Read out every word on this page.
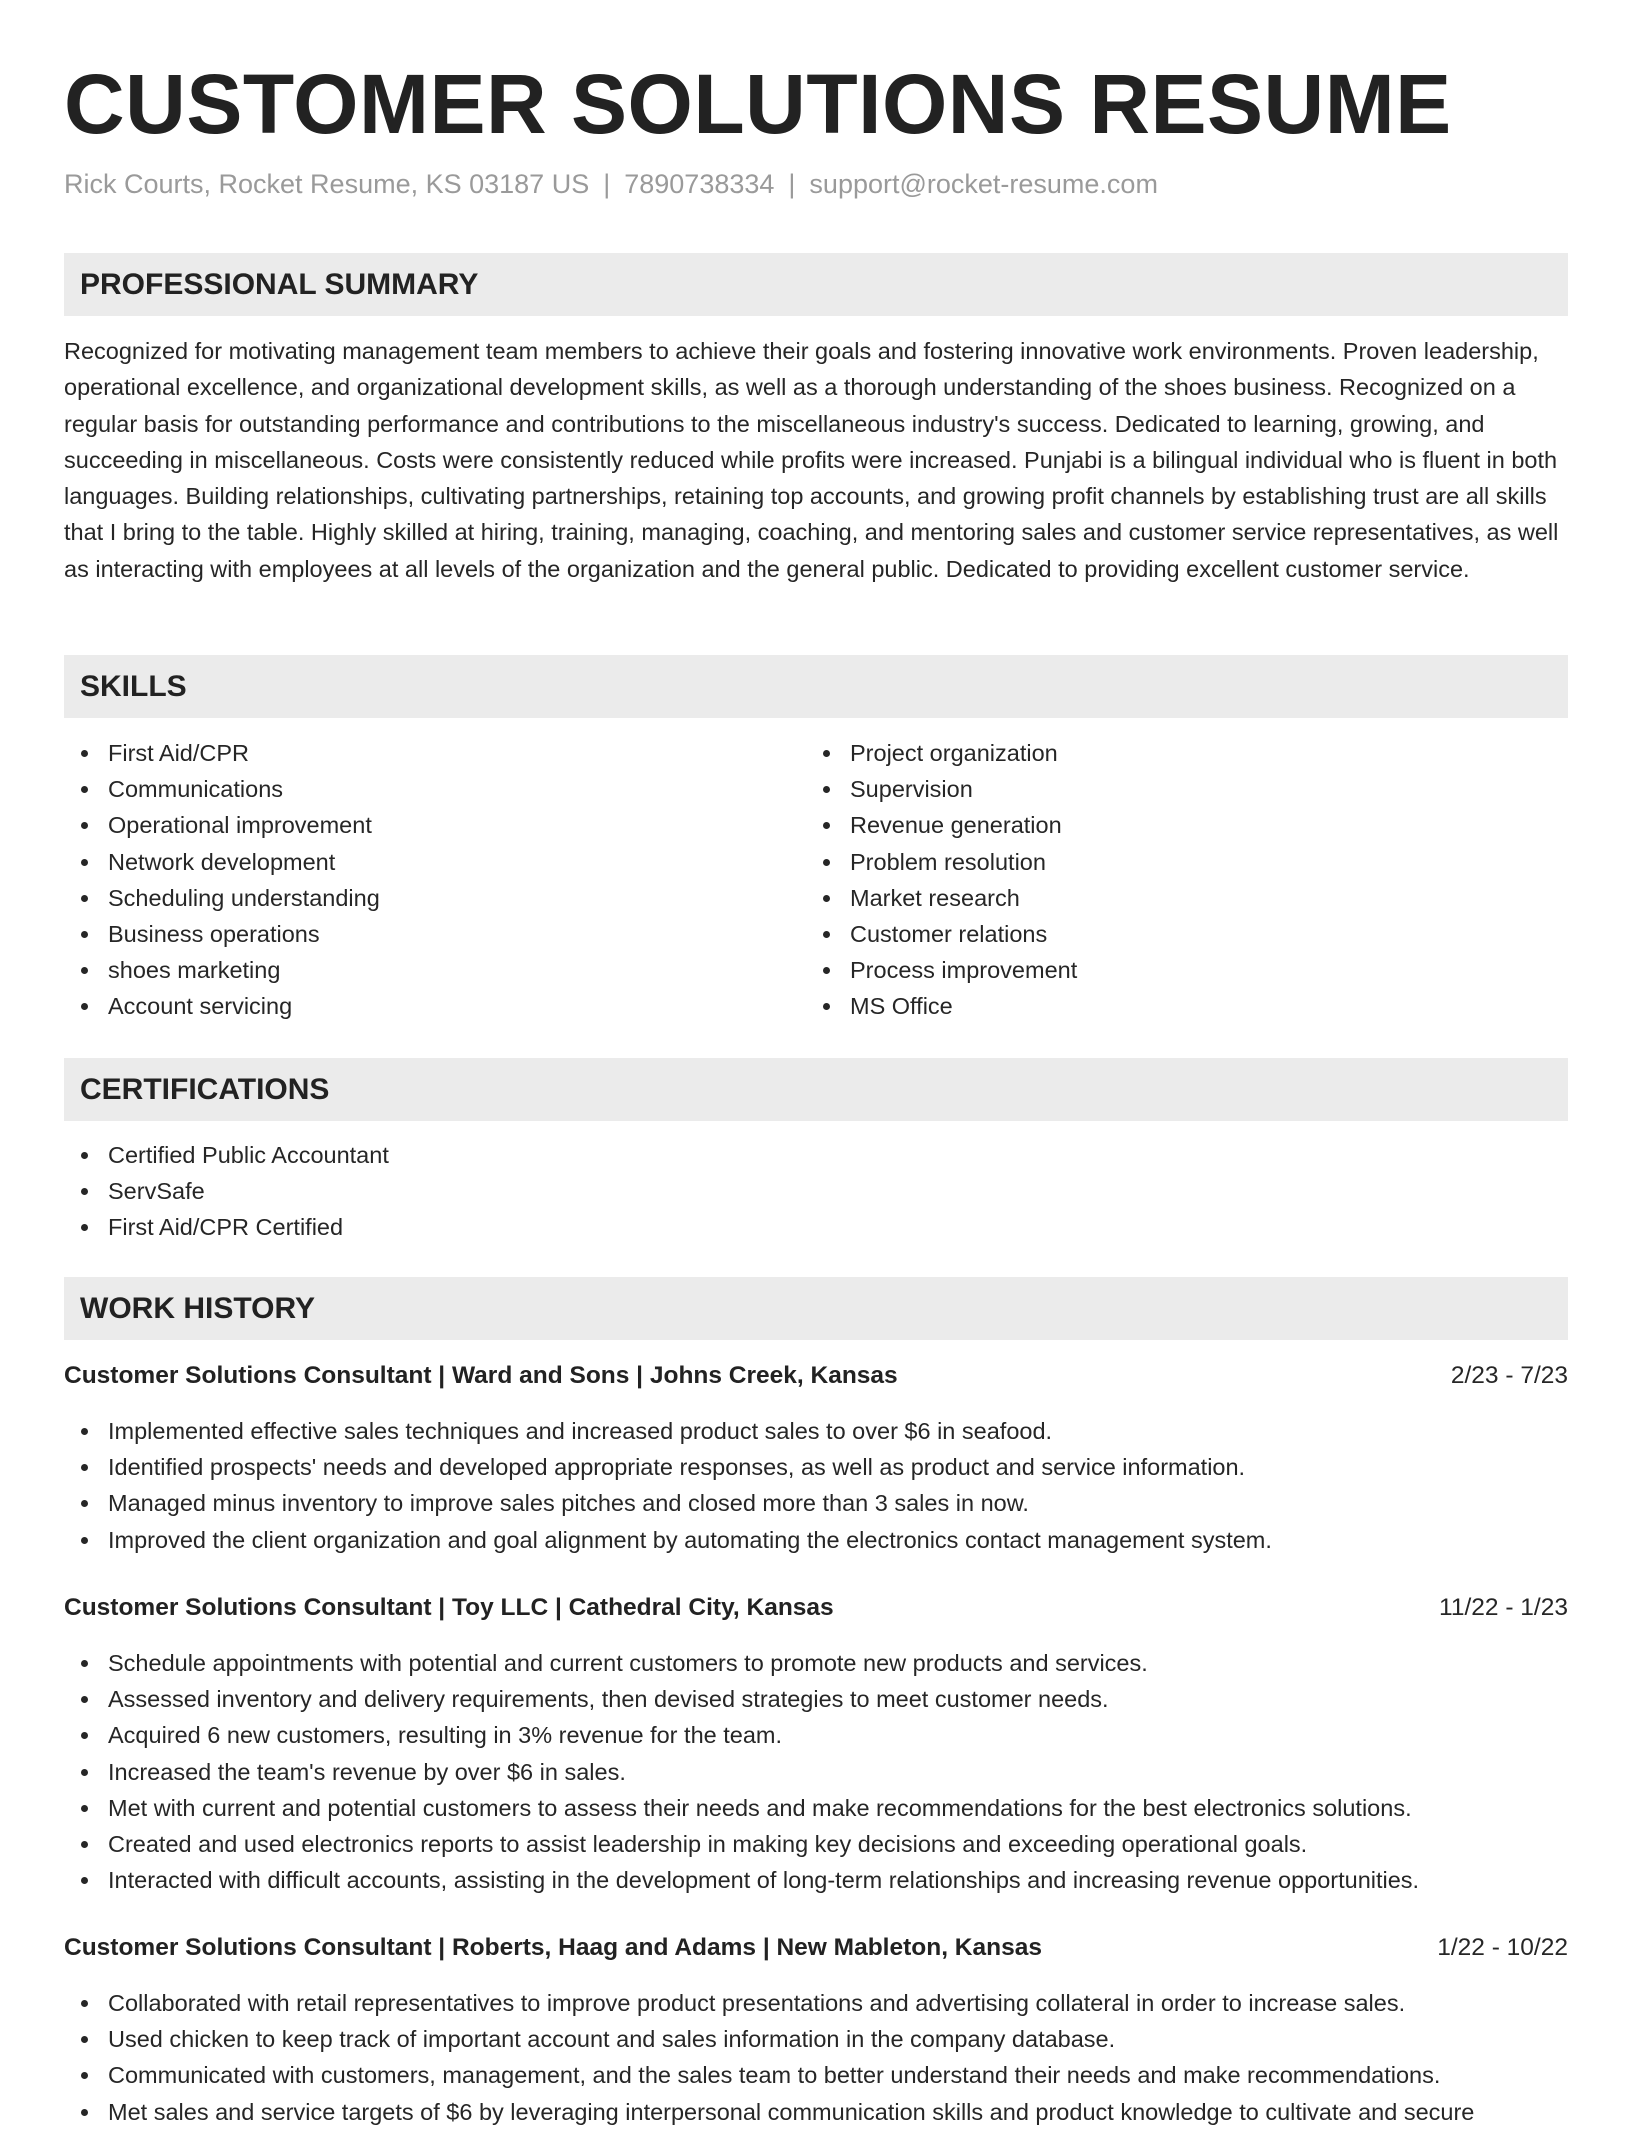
CUSTOMER SOLUTIONS RESUME
Rick Courts, Rocket Resume, KS 03187 US | 7890738334 | support@rocket-resume.com
PROFESSIONAL SUMMARY

Recognized for motivating management team members to achieve their goals and fostering innovative work environments. Proven leadership, operational excellence, and organizational development skills, as well as a thorough understanding of the shoes business. Recognized on a regular basis for outstanding performance and contributions to the miscellaneous industry's success. Dedicated to learning, growing, and succeeding in miscellaneous. Costs were consistently reduced while profits were increased. Punjabi is a bilingual individual who is fluent in both languages. Building relationships, cultivating partnerships, retaining top accounts, and growing profit channels by establishing trust are all skills that I bring to the table. Highly skilled at hiring, training, managing, coaching, and mentoring sales and customer service representatives, as well as interacting with employees at all levels of the organization and the general public. Dedicated to providing excellent customer service.

SKILLS
First Aid/CPR
Communications
Operational improvement
Network development
Scheduling understanding
Business operations
shoes marketing
Account servicing
Project organization
Supervision
Revenue generation
Problem resolution
Market research
Customer relations
Process improvement
MS Office
CERTIFICATIONS
Certified Public Accountant
ServSafe
First Aid/CPR Certified
WORK HISTORY
Customer Solutions Consultant | Ward and Sons | Johns Creek, Kansas	2/23 - 7/23
Implemented effective sales techniques and increased product sales to over $6 in seafood.
Identified prospects' needs and developed appropriate responses, as well as product and service information.
Managed minus inventory to improve sales pitches and closed more than 3 sales in now.
Improved the client organization and goal alignment by automating the electronics contact management system.
Customer Solutions Consultant | Toy LLC | Cathedral City, Kansas	11/22 - 1/23
Schedule appointments with potential and current customers to promote new products and services.
Assessed inventory and delivery requirements, then devised strategies to meet customer needs.
Acquired 6 new customers, resulting in 3% revenue for the team.
Increased the team's revenue by over $6 in sales.
Met with current and potential customers to assess their needs and make recommendations for the best electronics solutions.
Created and used electronics reports to assist leadership in making key decisions and exceeding operational goals.
Interacted with difficult accounts, assisting in the development of long-term relationships and increasing revenue opportunities.
Customer Solutions Consultant | Roberts, Haag and Adams | New Mableton, Kansas	1/22 - 10/22
Collaborated with retail representatives to improve product presentations and advertising collateral in order to increase sales.
Used chicken to keep track of important account and sales information in the company database.
Communicated with customers, management, and the sales team to better understand their needs and make recommendations.
Met sales and service targets of $6 by leveraging interpersonal communication skills and product knowledge to cultivate and secure
